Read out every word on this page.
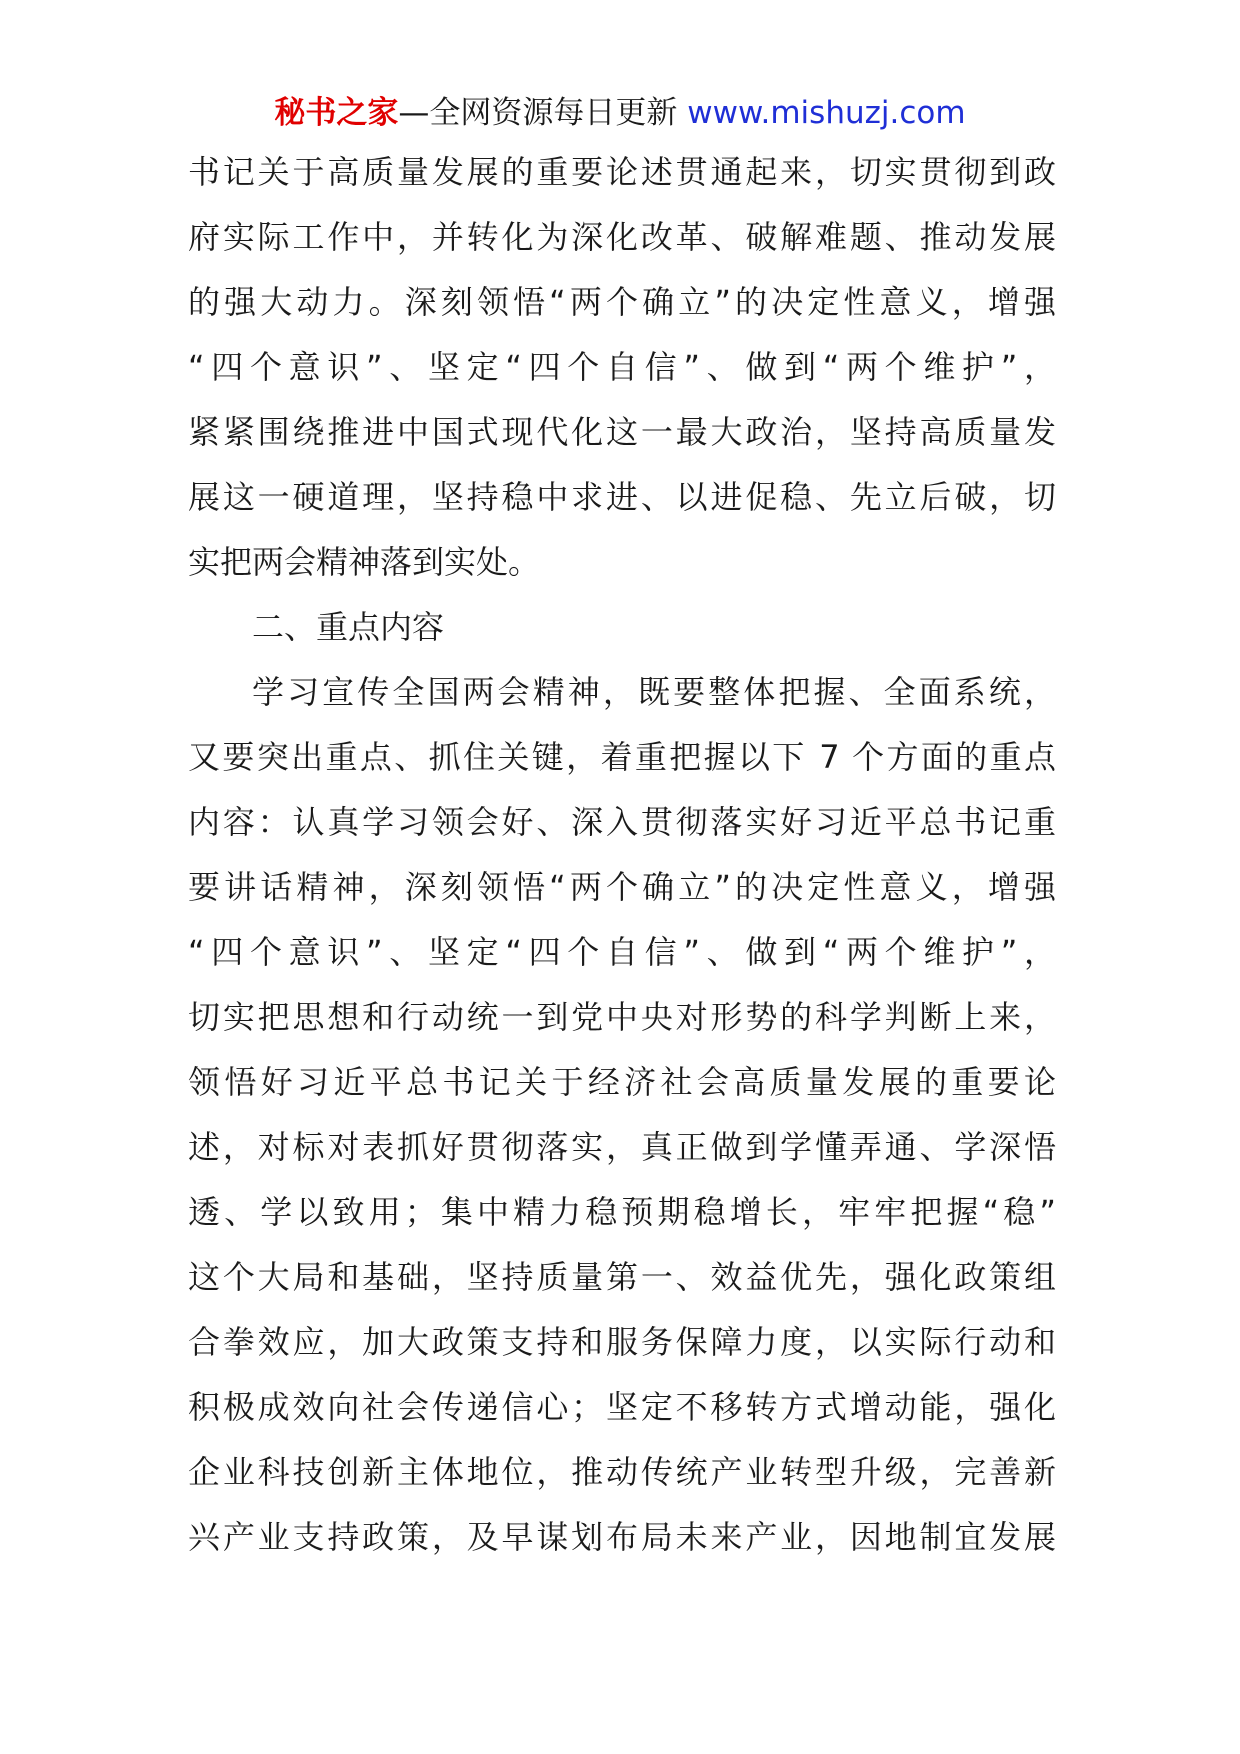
秘书之家—全网资源每日更新 www.mishuzj.com
书记关于高质量发展的重要论述贯通起来，切实贯彻到政
府实际工作中，并转化为深化改革、破解难题、推动发展
的强大动力。深刻领悟“两个确立”的决定性意义，增强
“四个意识”、坚定“四个自信”、做到“两个维护”，
紧紧围绕推进中国式现代化这一最大政治，坚持高质量发
展这一硬道理，坚持稳中求进、以进促稳、先立后破，切
实把两会精神落到实处。
二、重点内容
学习宣传全国两会精神，既要整体把握、全面系统，
又要突出重点、抓住关键，着重把握以下 7 个方面的重点
内容：认真学习领会好、深入贯彻落实好习近平总书记重
要讲话精神，深刻领悟“两个确立”的决定性意义，增强
“四个意识”、坚定“四个自信”、做到“两个维护”，
切实把思想和行动统一到党中央对形势的科学判断上来，
领悟好习近平总书记关于经济社会高质量发展的重要论
述，对标对表抓好贯彻落实，真正做到学懂弄通、学深悟
透、学以致用；集中精力稳预期稳增长，牢牢把握“稳”
这个大局和基础，坚持质量第一、效益优先，强化政策组
合拳效应，加大政策支持和服务保障力度，以实际行动和
积极成效向社会传递信心；坚定不移转方式增动能，强化
企业科技创新主体地位，推动传统产业转型升级，完善新
兴产业支持政策，及早谋划布局未来产业，因地制宜发展
